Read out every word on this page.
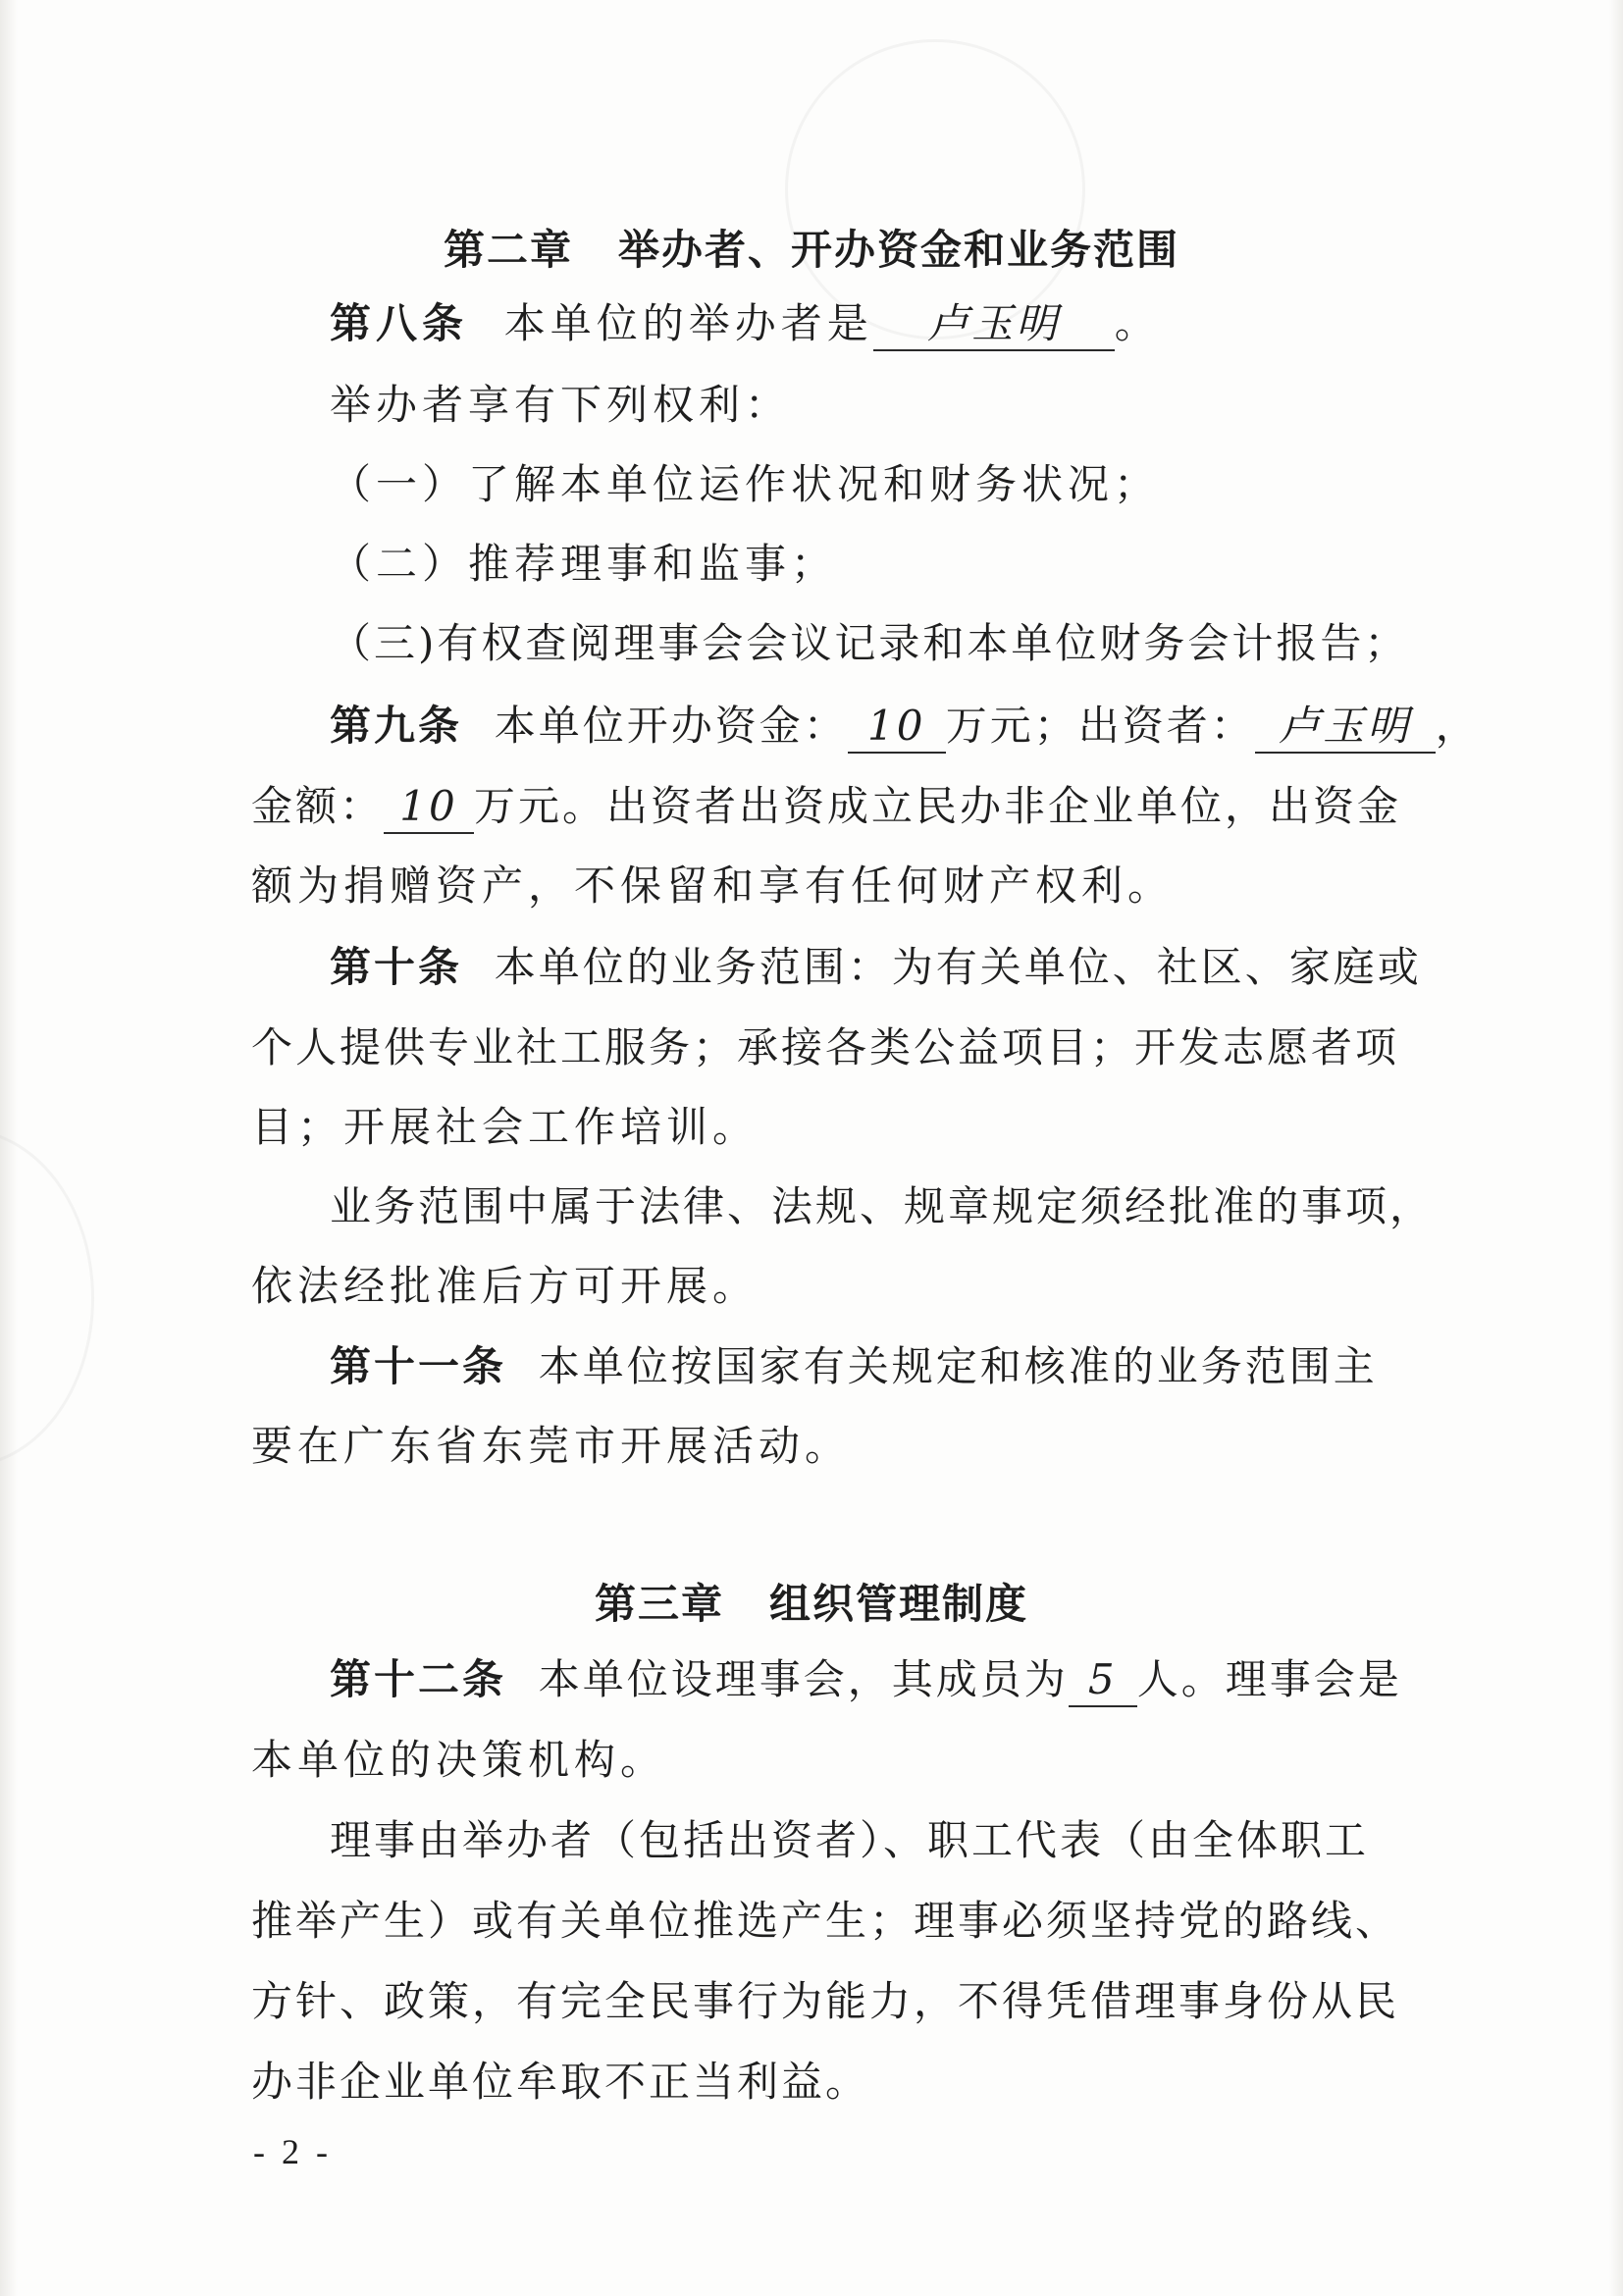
第二章 举办者、开办资金和业务范围

第八条 本单位的举办者是 卢玉明 。

举办者享有下列权利：

（一）了解本单位运作状况和财务状况；

（二）推荐理事和监事；

（三)有权查阅理事会会议记录和本单位财务会计报告；

第九条 本单位开办资金： 10 万元；出资者： 卢玉明 ，

金额： 10 万元。出资者出资成立民办非企业单位，出资金

额为捐赠资产，不保留和享有任何财产权利。

第十条 本单位的业务范围：为有关单位、社区、家庭或

个人提供专业社工服务；承接各类公益项目；开发志愿者项

目；开展社会工作培训。

业务范围中属于法律、法规、规章规定须经批准的事项，

依法经批准后方可开展。

第十一条 本单位按国家有关规定和核准的业务范围主

要在广东省东莞市开展活动。

第三章 组织管理制度

第十二条 本单位设理事会，其成员为 5 人。理事会是

本单位的决策机构。

理事由举办者（包括出资者）、职工代表（由全体职工

推举产生）或有关单位推选产生；理事必须坚持党的路线、

方针、政策，有完全民事行为能力，不得凭借理事身份从民

办非企业单位牟取不正当利益。

- 2 -
